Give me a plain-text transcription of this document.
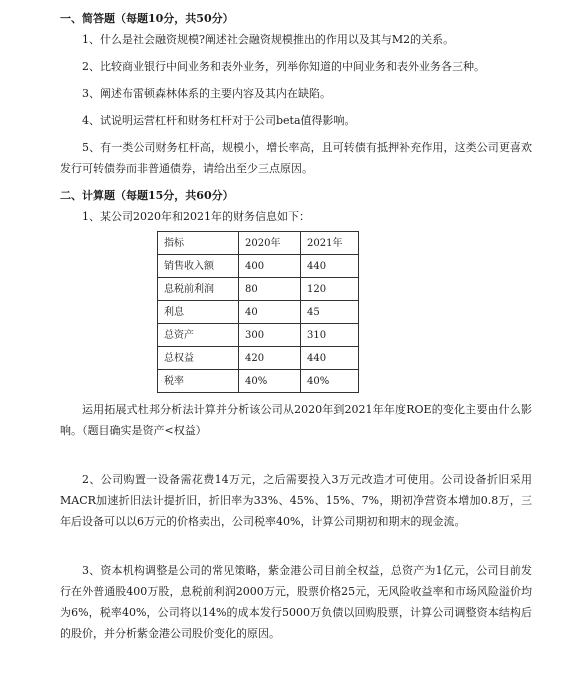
一、简答题（每题10分，共50分）

1、什么是社会融资规模?阐述社会融资规模推出的作用以及其与M2的关系。

2、比较商业银行中间业务和表外业务，列举你知道的中间业务和表外业务各三种。

3、阐述布雷顿森林体系的主要内容及其内在缺陷。

4、试说明运营杠杆和财务杠杆对于公司beta值得影响。

5、有一类公司财务杠杆高，规模小，增长率高，且可转债有抵押补充作用，这类公司更喜欢发行可转债券而非普通债券，请给出至少三点原因。

二、计算题（每题15分，共60分）

1、某公司2020年和2021年的财务信息如下：

指标	2020年	2021年
销售收入额	400	440
息税前利润	80	120
利息	40	45
总资产	300	310
总权益	420	440
税率	40%	40%

运用拓展式杜邦分析法计算并分析该公司从2020年到2021年年度ROE的变化主要由什么影响。（题目确实是资产<权益）

2、公司购置一设备需花费14万元，之后需要投入3万元改造才可使用。公司设备折旧采用MACR加速折旧法计提折旧，折旧率为33%、45%、15%、7%，期初净营资本增加0.8万，三年后设备可以以6万元的价格卖出，公司税率40%，计算公司期初和期末的现金流。

3、资本机构调整是公司的常见策略，紫金港公司目前全权益，总资产为1亿元，公司目前发行在外普通股400万股，息税前利润2000万元，股票价格25元，无风险收益率和市场风险溢价均为6%，税率40%，公司将以14%的成本发行5000万负债以回购股票，计算公司调整资本结构后的股价，并分析紫金港公司股价变化的原因。
